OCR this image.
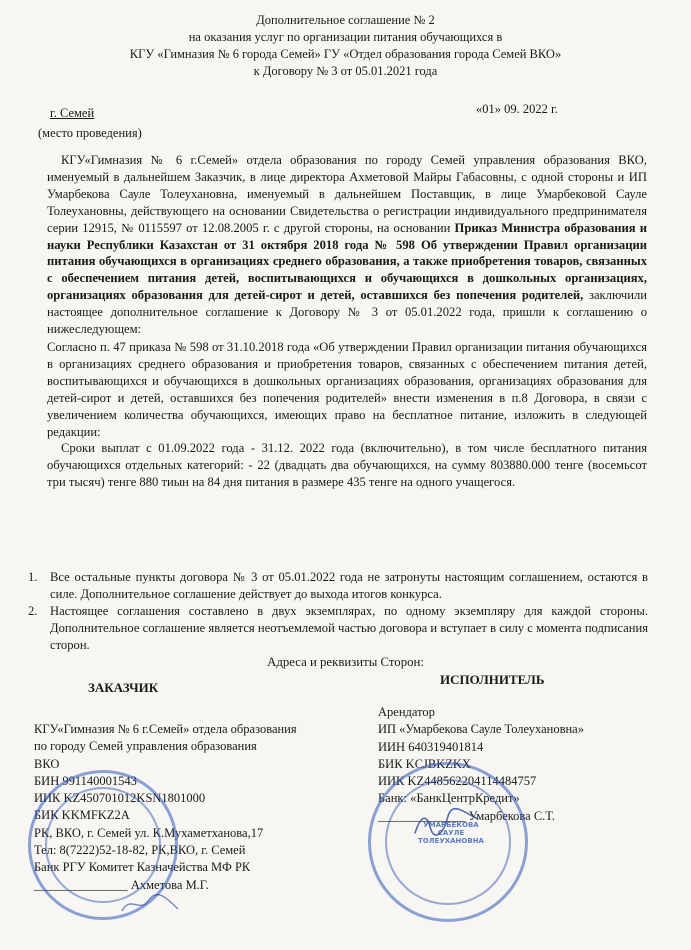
Дополнительное соглашение № 2
на оказания услуг по организации питания обучающихся в
КГУ «Гимназия № 6 города Семей» ГУ «Отдел образования города Семей ВКО»
к Договору № 3 от 05.01.2021 года
г. Семей	«01» 09. 2022 г.
(место проведения)

КГУ«Гимназия № 6 г.Семей» отдела образования по городу Семей управления образования ВКО, именуемый в дальнейшем Заказчик, в лице директора Ахметовой Майры Габасовны, с одной стороны и ИП Умарбекова Сауле Толеухановна, именуемый в дальнейшем Поставщик, в лице Умарбековой Сауле Толеухановны, действующего на основании Свидетельства о регистрации индивидуального предпринимателя серии 12915, № 0115597 от 12.08.2005 г. с другой стороны, на основании Приказ Министра образования и науки Республики Казахстан от 31 октября 2018 года № 598 Об утверждении Правил организации питания обучающихся в организациях среднего образования, а также приобретения товаров, связанных с обеспечением питания детей, воспитывающихся и обучающихся в дошкольных организациях, организациях образования для детей-сирот и детей, оставшихся без попечения родителей, заключили настоящее дополнительное соглашение к Договору № 3 от 05.01.2022 года, пришли к соглашению о нижеследующем:

Согласно п. 47 приказа № 598 от 31.10.2018 года «Об утверждении Правил организации питания обучающихся в организациях среднего образования и приобретения товаров, связанных с обеспечением питания детей, воспитывающихся и обучающихся в дошкольных организациях образования, организациях образования для детей-сирот и детей, оставшихся без попечения родителей» внести изменения в п.8 Договора, в связи с увеличением количества обучающихся, имеющих право на бесплатное питание, изложить в следующей редакции:

Сроки выплат с 01.09.2022 года - 31.12. 2022 года (включительно), в том числе бесплатного питания обучающихся отдельных категорий: - 22 (двадцать два обучающихся, на сумму 803880.000 тенге (восемьсот три тысяч) тенге 880 тиын на 84 дня питания в размере 435 тенге на одного учащегося.

1. Все остальные пункты договора № 3 от 05.01.2022 года не затронуты настоящим соглашением, остаются в силе. Дополнительное соглашение действует до выхода итогов конкурса.
2. Настоящее соглашения составлено в двух экземплярах, по одному экземпляру для каждой стороны. Дополнительное соглашение является неотъемлемой частью договора и вступает в силу с момента подписания сторон.
Адреса и реквизиты Сторон:
ЗАКАЗЧИК
ИСПОЛНИТЕЛЬ
КГУ«Гимназия № 6 г.Семей» отдела образования
по городу Семей управления образования
ВКО
БИН 991140001543
ИИК KZ450701012KSN1801000
БИК KKMFKZ2A
РК, ВКО, г. Семей ул. К.Мухаметханова,17
Тел: 8(7222)52-18-82, РК,ВКО, г. Семей
Банк РГУ Комитет Казначейства МФ РК
_______________ Ахметова М.Г.
Арендатор
ИП «Умарбекова Сауле Толеухановна»
ИИН 640319401814
БИК KCJBKZKX
ИИК KZ448562204114484757
Банк: «БанкЦентрКредит»
______________ Умарбекова С.Т.
УМАРБЕКОВА
САУЛЕ
ТОЛЕУХАНОВНА
